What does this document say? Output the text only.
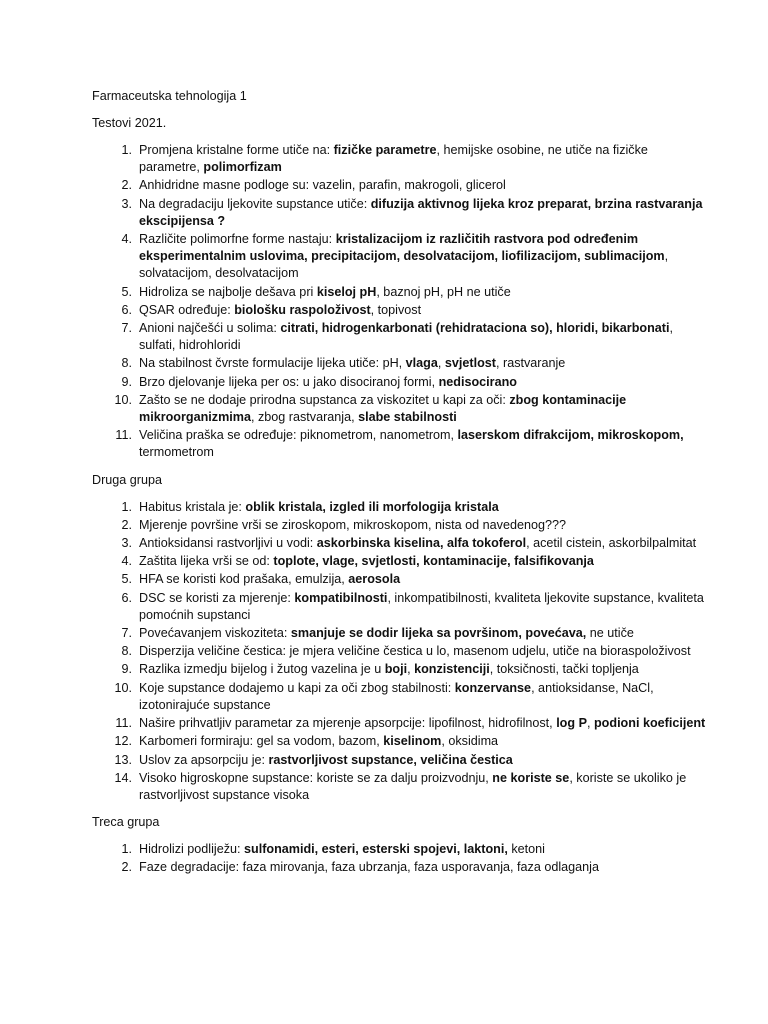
Farmaceutska tehnologija 1

Testovi 2021.

1. Promjena kristalne forme utiče na: fizičke parametre, hemijske osobine, ne utiče na fizičke parametre, polimorfizam
2. Anhidridne masne podloge su: vazelin, parafin, makrogoli, glicerol
3. Na degradaciju ljekovite supstance utiče: difuzija aktivnog lijeka kroz preparat, brzina rastvaranja ekscipijensa ?
4. Različite polimorfne forme nastaju: kristalizacijom iz različitih rastvora pod određenim eksperimentalnim uslovima, precipitacijom, desolvatacijom, liofilizacijom, sublimacijom, solvatacijom, desolvatacijom
5. Hidroliza se najbolje dešava pri kiseloj pH, baznoj pH, pH ne utiče
6. QSAR određuje: biološku raspoloživost, topivost
7. Anioni najčešći u solima: citrati, hidrogenkarbonati (rehidrataciona so), hloridi, bikarbonati, sulfati, hidrohloridi
8. Na stabilnost čvrste formulacije lijeka utiče: pH, vlaga, svjetlost, rastvaranje
9. Brzo djelovanje lijeka per os: u jako disociranoj formi, nedisocirano
10. Zašto se ne dodaje prirodna supstanca za viskozitet u kapi za oči: zbog kontaminacije mikroorganizmima, zbog rastvaranja, slabe stabilnosti
11. Veličina praška se određuje: piknometrom, nanometrom, laserskom difrakcijom, mikroskopom, termometrom

Druga grupa

1. Habitus kristala je: oblik kristala, izgled ili morfologija kristala
2. Mjerenje površine vrši se ziroskopom, mikroskopom, nista od navedenog???
3. Antioksidansi rastvorljivi u vodi: askorbinska kiselina, alfa tokoferol, acetil cistein, askorbilpalmitat
4. Zaštita lijeka vrši se od: toplote, vlage, svjetlosti, kontaminacije, falsifikovanja
5. HFA se koristi kod prašaka, emulzija, aerosola
6. DSC se koristi za mjerenje: kompatibilnosti, inkompatibilnosti, kvaliteta ljekovite supstance, kvaliteta pomoćnih supstanci
7. Povećavanjem viskoziteta: smanjuje se dodir lijeka sa površinom, povećava, ne utiče
8. Disperzija veličine čestica: je mjera veličine čestica u lo, masenom udjelu, utiče na bioraspoloživost
9. Razlika izmedju bijelog i žutog vazelina je u boji, konzistenciji, toksičnosti, tački topljenja
10. Koje supstance dodajemo u kapi za oči zbog stabilnosti: konzervanse, antioksidanse, NaCl, izotonirajuće supstance
11. Naširе prihvatljiv parametar za mjerenje apsorpcije: lipofilnost, hidrofilnost, log P, podioni koeficijent
12. Karbomeri formiraju: gel sa vodom, bazom, kiselinom, oksidima
13. Uslov za apsorpciju je: rastvorljivost supstance, veličina čestica
14. Visoko higroskopne supstance: koriste se za dalju proizvodnju, ne koriste se, koriste se ukoliko je rastvorljivost supstance visoka

Treca grupa

1. Hidrolizi podliježu: sulfonamidi, esteri, esterski spojevi, laktoni, ketoni
2. Faze degradacije: faza mirovanja, faza ubrzanja, faza usporavanja, faza odlaganja
